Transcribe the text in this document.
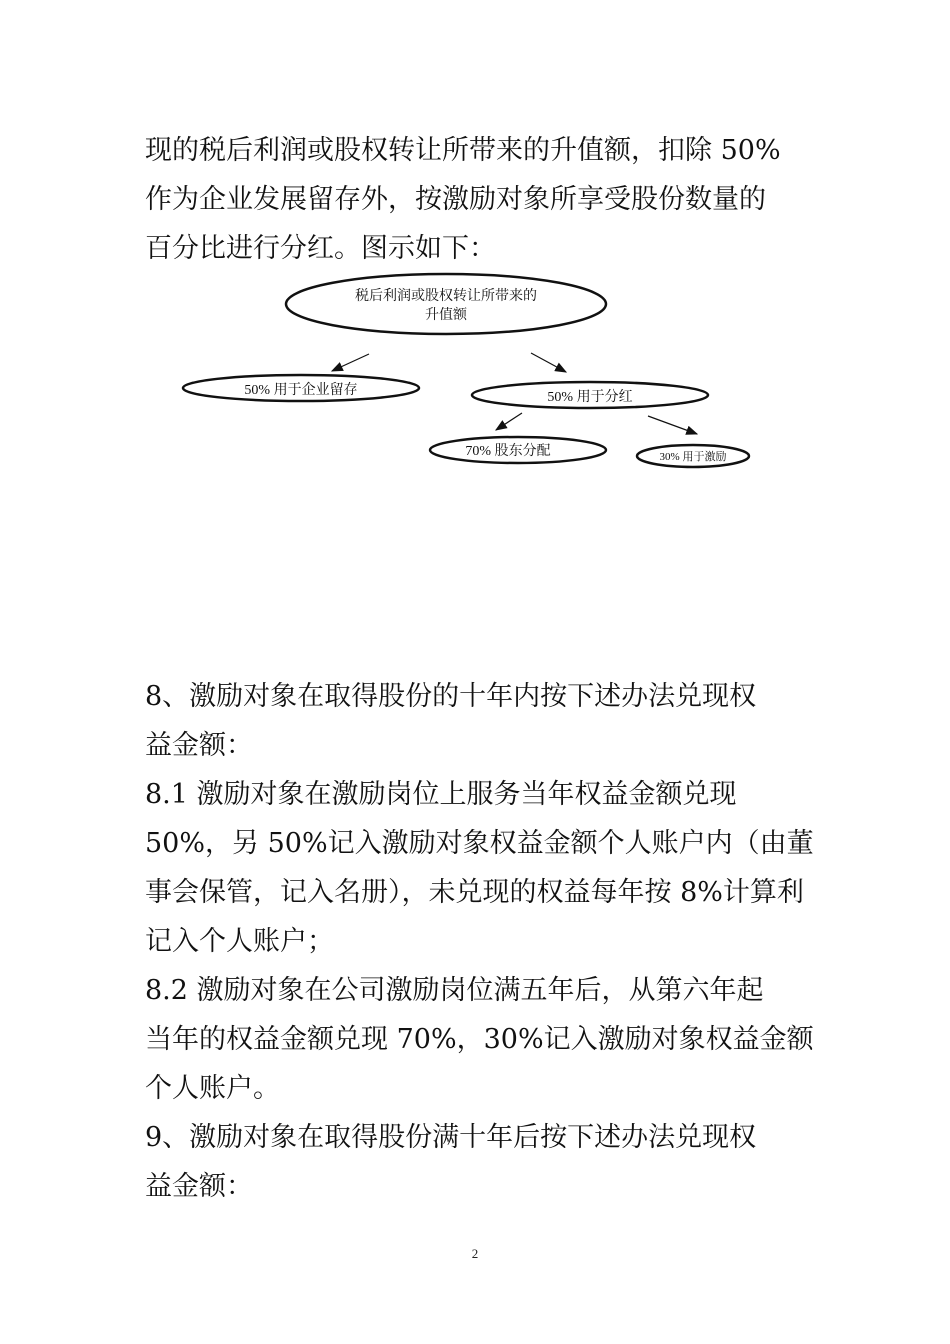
现的税后利润或股权转让所带来的升值额，扣除 50%
作为企业发展留存外，按激励对象所享受股份数量的
百分比进行分红。图示如下：

税后利润或股权转让所带来的
升值额
50% 用于企业留存	50% 用于分红
70% 股东分配	30% 用于激励

8、激励对象在取得股份的十年内按下述办法兑现权
益金额：
8.1 激励对象在激励岗位上服务当年权益金额兑现
50%，另 50%记入激励对象权益金额个人账户内（由董
事会保管，记入名册），未兑现的权益每年按 8%计算利
记入个人账户；
8.2 激励对象在公司激励岗位满五年后，从第六年起
当年的权益金额兑现 70%，30%记入激励对象权益金额
个人账户。
9、激励对象在取得股份满十年后按下述办法兑现权
益金额：

2
